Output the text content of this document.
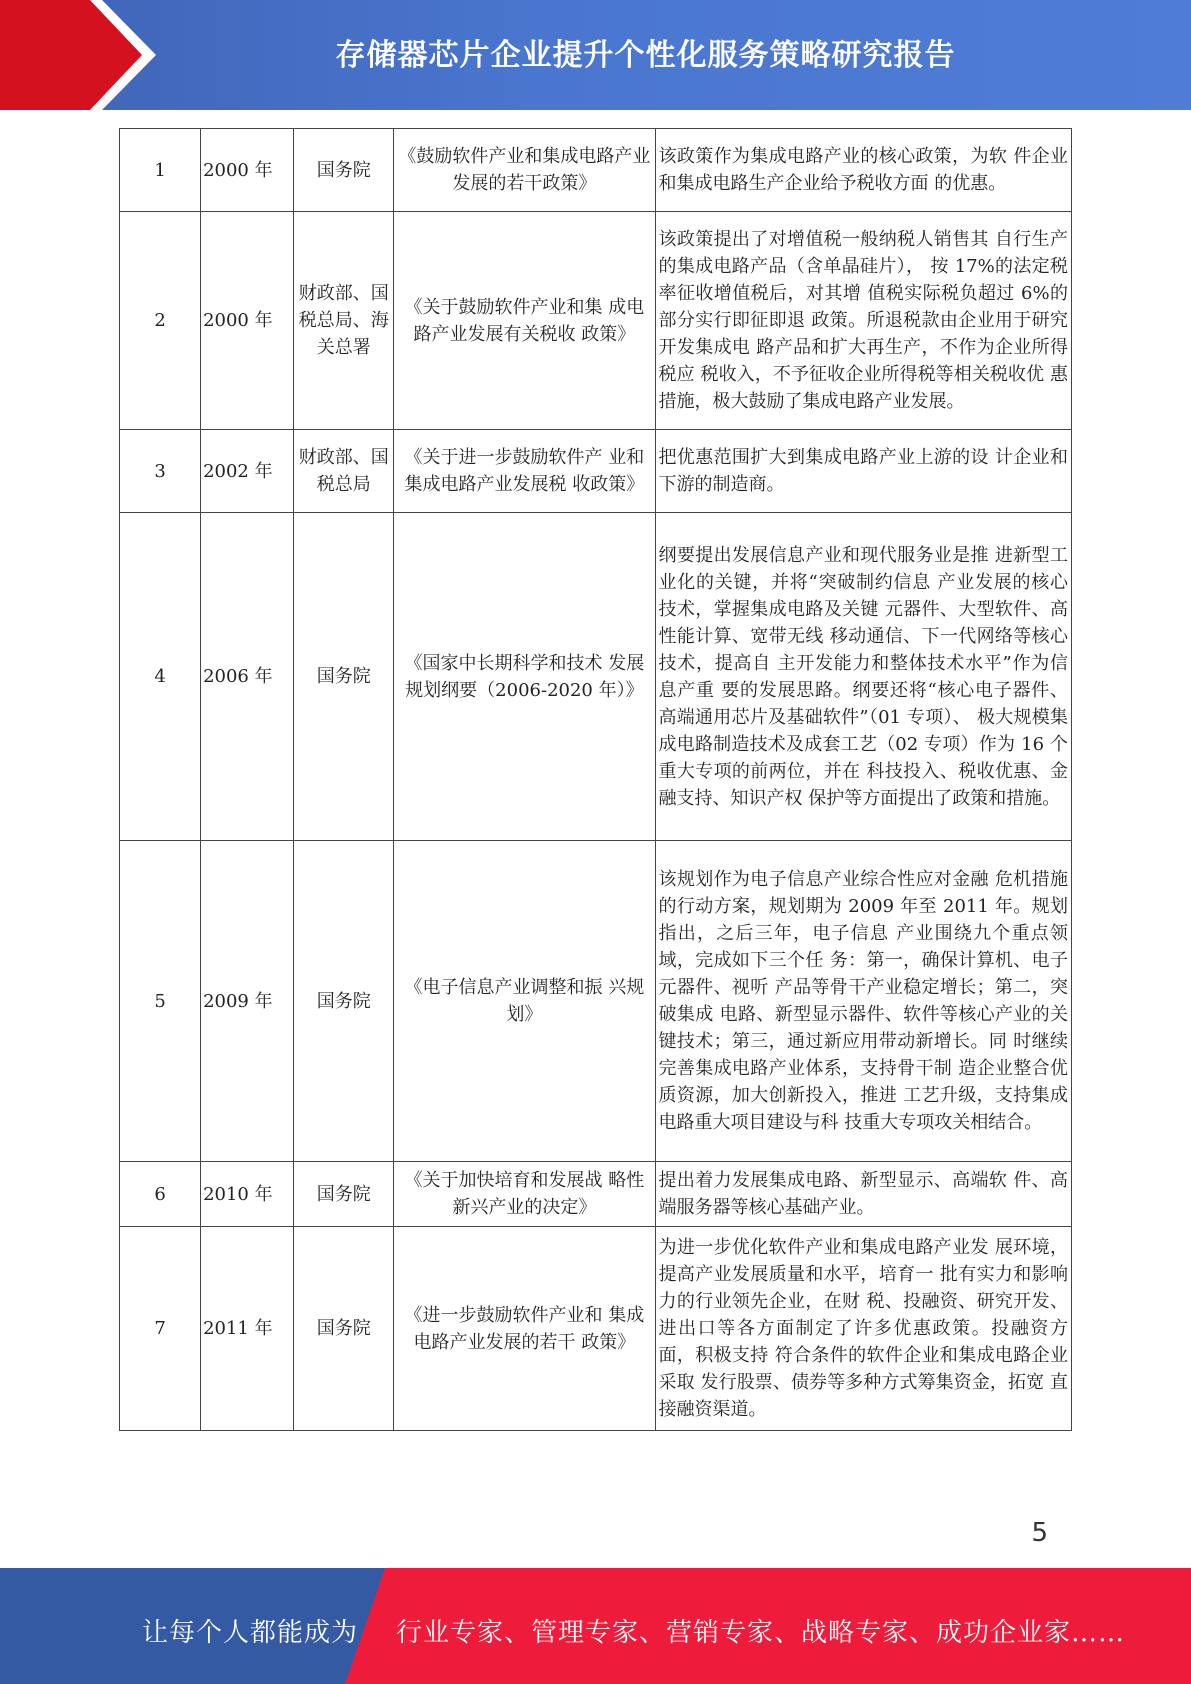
存储器芯片企业提升个性化服务策略研究报告
1	2000 年	国务院	《鼓励软件产业和集成电路产业发展的若干政策》	该政策作为集成电路产业的核心政策，为软 件企业和集成电路生产企业给予税收方面 的优惠。
2	2000 年	财政部、国税总局、海关总署	《关于鼓励软件产业和集 成电路产业发展有关税收 政策》	该政策提出了对增值税一般纳税人销售其 自行生产的集成电路产品（含单晶硅片）， 按 17%的法定税率征收增值税后，对其增 值税实际税负超过 6%的部分实行即征即退 政策。所退税款由企业用于研究开发集成电 路产品和扩大再生产，不作为企业所得税应 税收入，不予征收企业所得税等相关税收优 惠措施，极大鼓励了集成电路产业发展。
3	2002 年	财政部、国税总局	《关于进一步鼓励软件产 业和集成电路产业发展税 收政策》	把优惠范围扩大到集成电路产业上游的设 计企业和下游的制造商。
4	2006 年	国务院	《国家中长期科学和技术 发展规划纲要（2006-2020 年）》	纲要提出发展信息产业和现代服务业是推 进新型工业化的关键，并将“突破制约信息 产业发展的核心技术，掌握集成电路及关键 元器件、大型软件、高性能计算、宽带无线 移动通信、下一代网络等核心技术，提高自 主开发能力和整体技术水平”作为信息产重 要的发展思路。纲要还将“核心电子器件、 高端通用芯片及基础软件”（01 专项）、 极大规模集成电路制造技术及成套工艺（02 专项）作为 16 个重大专项的前两位，并在 科技投入、税收优惠、金融支持、知识产权 保护等方面提出了政策和措施。
5	2009 年	国务院	《电子信息产业调整和振 兴规划》	该规划作为电子信息产业综合性应对金融 危机措施的行动方案，规划期为 2009 年至 2011 年。规划指出，之后三年，电子信息 产业围绕九个重点领域，完成如下三个任 务：第一，确保计算机、电子元器件、视听 产品等骨干产业稳定增长；第二，突破集成 电路、新型显示器件、软件等核心产业的关 键技术；第三，通过新应用带动新增长。同 时继续完善集成电路产业体系，支持骨干制 造企业整合优质资源，加大创新投入，推进 工艺升级，支持集成电路重大项目建设与科 技重大专项攻关相结合。
6	2010 年	国务院	《关于加快培育和发展战 略性新兴产业的决定》	提出着力发展集成电路、新型显示、高端软 件、高端服务器等核心基础产业。
7	2011 年	国务院	《进一步鼓励软件产业和 集成电路产业发展的若干 政策》	为进一步优化软件产业和集成电路产业发 展环境，提高产业发展质量和水平，培育一 批有实力和影响力的行业领先企业，在财 税、投融资、研究开发、进出口等各方面制定了许多优惠政策。投融资方面，积极支持 符合条件的软件企业和集成电路企业采取 发行股票、债券等多种方式筹集资金，拓宽 直接融资渠道。
5
让每个人都能成为 行业专家、管理专家、营销专家、战略专家、成功企业家……
